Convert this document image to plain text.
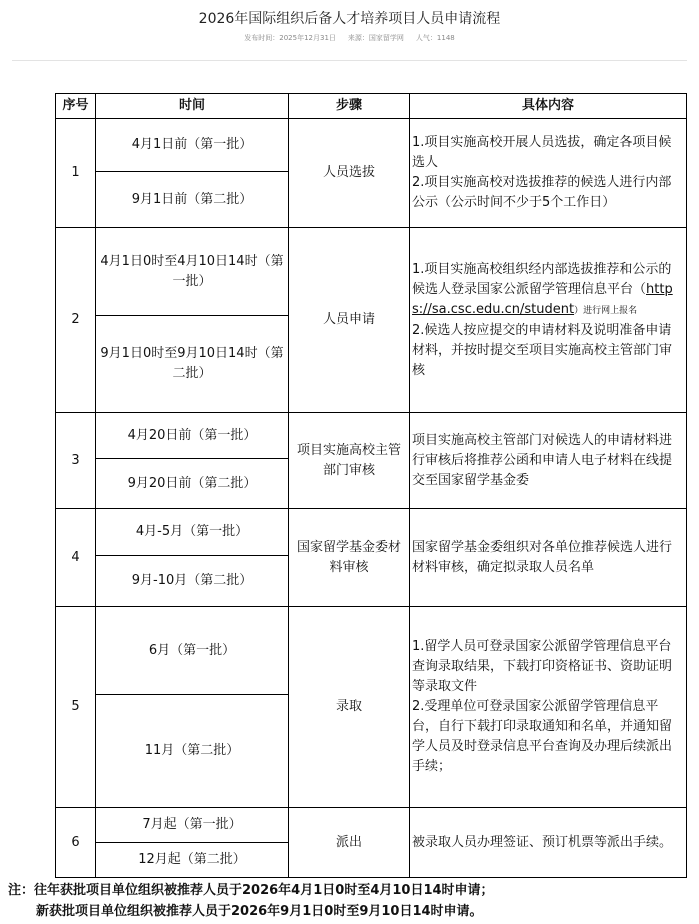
2026年国际组织后备人才培养项目人员申请流程
发布时间：2025年12月31日 来源：国家留学网 人气：1148
序号	时间	步骤	具体内容
1	4月1日前（第一批）	人员选拔	1.项目实施高校开展人员选拔，确定各项目候选人
2.项目实施高校对选拔推荐的候选人进行内部公示（公示时间不少于5个工作日）

	9月1日前（第二批）		
2	4月1日0时至4月10日14时（第一批）	人员申请	1.项目实施高校组织经内部选拔推荐和公示的候选人登录国家公派留学管理信息平台（https://sa.csc.edu.cn/student）进行网上报名
2.候选人按应提交的申请材料及说明准备申请材料，并按时提交至项目实施高校主管部门审核

	9月1日0时至9月10日14时（第二批）		
3	4月20日前（第一批）	项目实施高校主管部门审核	项目实施高校主管部门对候选人的申请材料进行审核后将推荐公函和申请人电子材料在线提交至国家留学基金委

	9月20日前（第二批）		
4	4月-5月（第一批）	国家留学基金委材料审核	国家留学基金委组织对各单位推荐候选人进行材料审核，确定拟录取人员名单

	9月-10月（第二批）		
5	6月（第一批）	录取	1.留学人员可登录国家公派留学管理信息平台查询录取结果，下载打印资格证书、资助证明等录取文件
2.受理单位可登录国家公派留学管理信息平台，自行下载打印录取通知和名单，并通知留学人员及时登录信息平台查询及办理后续派出手续；

	11月（第二批）		
6	7月起（第一批）	派出	被录取人员办理签证、预订机票等派出手续。

	12月起（第二批）		
注：往年获批项目单位组织被推荐人员于2026年4月1日0时至4月10日14时申请；
新获批项目单位组织被推荐人员于2026年9月1日0时至9月10日14时申请。
